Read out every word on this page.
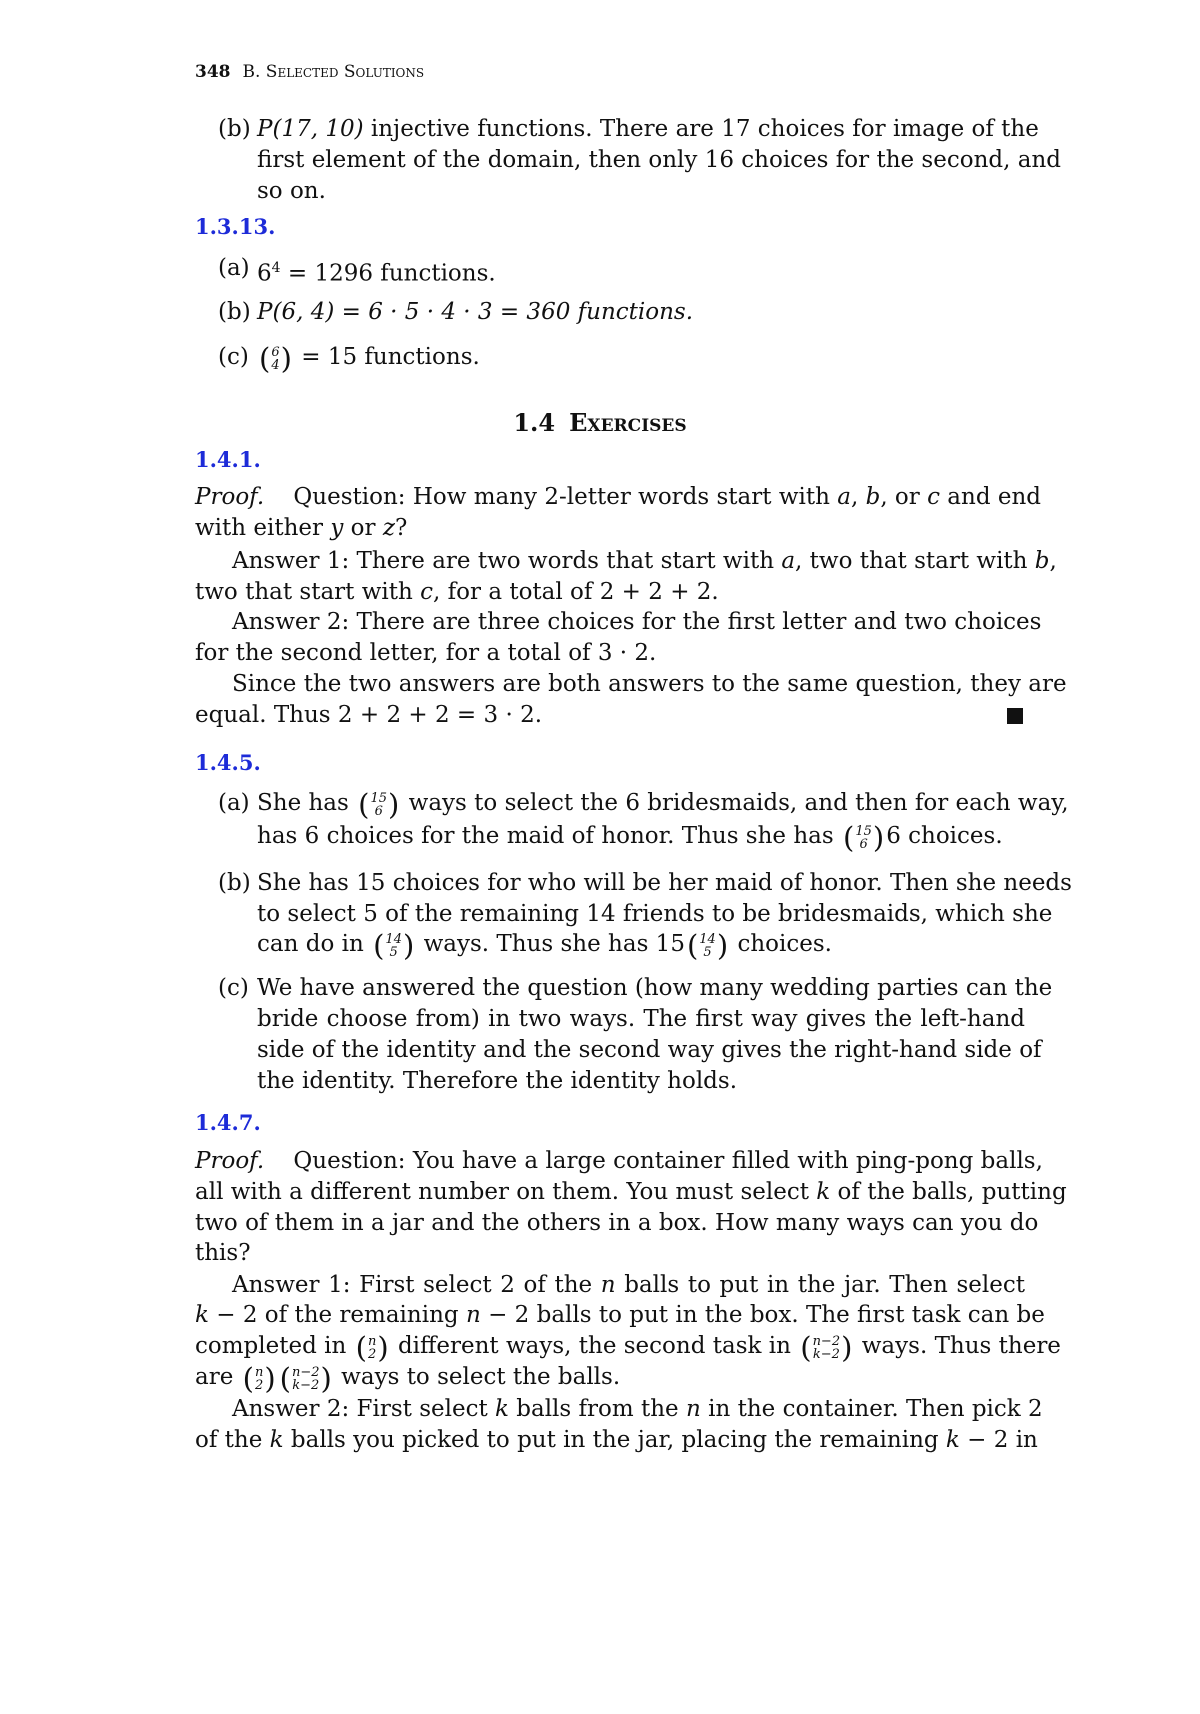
348 B. Selected Solutions
(b) P(17, 10) injective functions. There are 17 choices for image of the
first element of the domain, then only 16 choices for the second, and
so on.
1.3.13.
(a) $6^4 = 1296$ functions.
(b) P(6, 4) = 6 · 5 · 4 · 3 = 360 functions.
(c) ( 6
4 ) = 15 functions.
1.4 Exercises
1.4.1.
Proof. Question: How many 2-letter words start with a, b, or c and end
with either y or z?
Answer 1: There are two words that start with a, two that start with b,
two that start with c, for a total of 2 + 2 + 2.
Answer 2: There are three choices for the first letter and two choices
for the second letter, for a total of 3 · 2.
Since the two answers are both answers to the same question, they are
equal. Thus 2 + 2 + 2 = 3 · 2.
1.4.5.
(a) She has ( 15
6 ) ways to select the 6 bridesmaids, and then for each way,
has 6 choices for the maid of honor. Thus she has ( 15
6 )6 choices.
(b) She has 15 choices for who will be her maid of honor. Then she needs
to select 5 of the remaining 14 friends to be bridesmaids, which she
can do in ( 14
5 ) ways. Thus she has 15( 14
5 ) choices.
(c) We have answered the question (how many wedding parties can the
bride choose from) in two ways. The first way gives the left-hand
side of the identity and the second way gives the right-hand side of
the identity. Therefore the identity holds.
1.4.7.
Proof. Question: You have a large container filled with ping-pong balls,
all with a different number on them. You must select k of the balls, putting
two of them in a jar and the others in a box. How many ways can you do
this?
Answer 1: First select 2 of the n balls to put in the jar. Then select
k − 2 of the remaining n − 2 balls to put in the box. The first task can be
completed in ( n
2 ) different ways, the second task in ( n−2
k−2 ) ways. Thus there
are ( n
2 ) ( n−2
k−2 ) ways to select the balls.
Answer 2: First select k balls from the n in the container. Then pick 2
of the k balls you picked to put in the jar, placing the remaining k − 2 in
